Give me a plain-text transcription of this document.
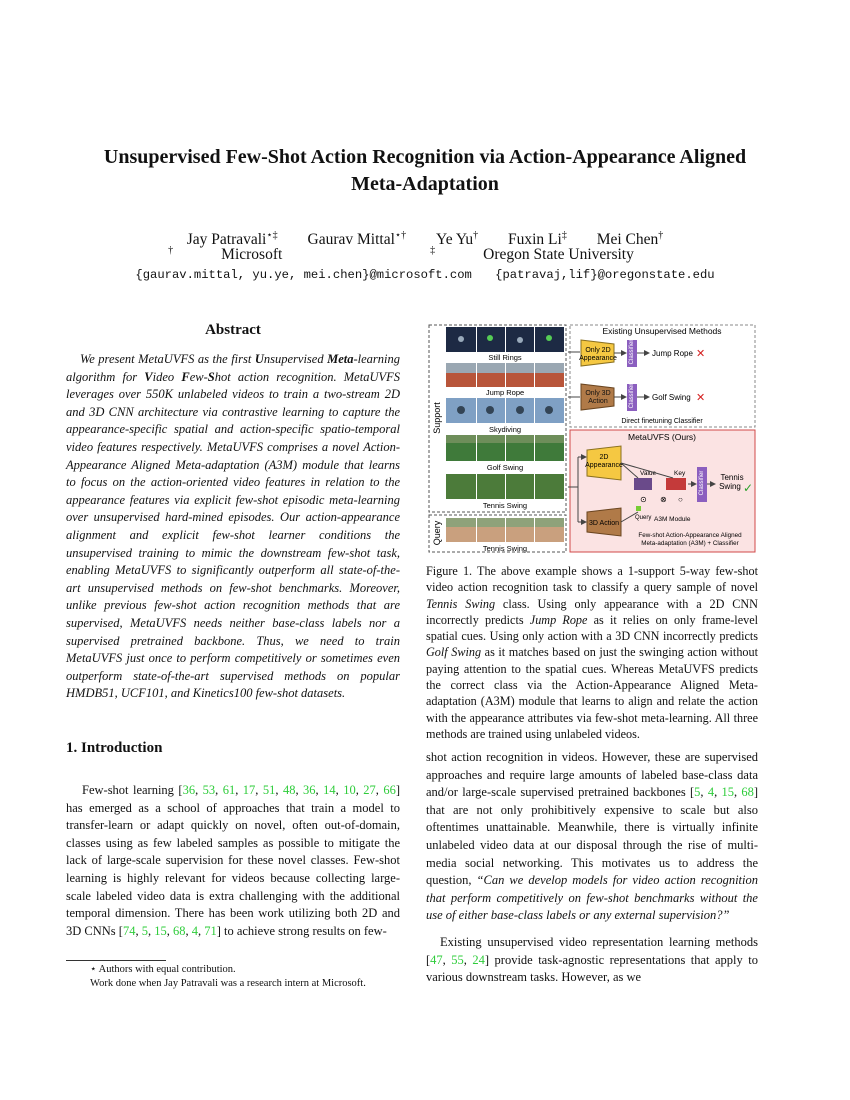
Unsupervised Few-Shot Action Recognition via Action-Appearance Aligned
Meta-Adaptation
Jay Patravali⋆‡ Gaurav Mittal⋆† Ye Yu† Fuxin Li‡ Mei Chen†
†	Microsoft	‡	Oregon State University
{gaurav.mittal, yu.ye, mei.chen}@microsoft.com {patravaj,lif}@oregonstate.edu
Abstract

We present MetaUVFS as the first Unsupervised Meta-learning algorithm for Video Few-Shot action recognition. MetaUVFS leverages over 550K unlabeled videos to train a two-stream 2D and 3D CNN architecture via contrastive learning to capture the appearance-specific spatial and action-specific spatio-temporal video features respectively. MetaUVFS comprises a novel Action-Appearance Aligned Meta-adaptation (A3M) module that learns to focus on the action-oriented video features in relation to the appearance features via explicit few-shot episodic meta-learning over unsupervised hard-mined episodes. Our action-appearance alignment and explicit few-shot learner conditions the unsupervised training to mimic the downstream few-shot task, enabling MetaUVFS to significantly outperform all state-of-the-art unsupervised methods on few-shot benchmarks. Moreover, unlike previous few-shot action recognition methods that are supervised, MetaUVFS needs neither base-class labels nor a supervised pretrained backbone. Thus, we need to train MetaUVFS just once to perform competitively or sometimes even outperform state-of-the-art supervised methods on popular HMDB51, UCF101, and Kinetics100 few-shot datasets.

1. Introduction

Few-shot learning [36, 53, 61, 17, 51, 48, 36, 14, 10, 27, 66] has emerged as a school of approaches that train a model to transfer-learn or adapt quickly on novel, often out-of-domain, classes using as few labeled samples as possible to mitigate the lack of large-scale supervision for these novel classes. Few-shot learning is highly relevant for videos because collecting large-scale labeled video data is extra challenging with the additional temporal dimension. There has been work utilizing both 2D and 3D CNNs [74, 5, 15, 68, 4, 71] to achieve strong results on few-

⋆ Authors with equal contribution.
Work done when Jay Patravali was a research intern at Microsoft.
Support
Query
Still Rings
Jump Rope
Skydiving
Golf Swing
Tennis Swing
Tennis Swing
Existing Unsupervised Methods
Only 2D Appearance
Only 3D Action
Classifier
Classifier
Jump Rope ✕
Golf Swing ✕
Direct finetuning Classifier
MetaUVFS (Ours)
2D Appearance
3D Action
Value	Key
⊙ ⊗ ○
Query A3M Module
Classifier Tennis Swing ✓
Few-shot Action-Appearance Aligned Meta-adaptation (A3M) + Classifier

Figure 1. The above example shows a 1-support 5-way few-shot video action recognition task to classify a query sample of novel Tennis Swing class. Using only appearance with a 2D CNN incorrectly predicts Jump Rope as it relies on only frame-level spatial cues. Using only action with a 3D CNN incorrectly predicts Golf Swing as it matches based on just the swinging action without paying attention to the spatial cues. Whereas MetaUVFS predicts the correct class via the Action-Appearance Aligned Meta-adaptation (A3M) module that learns to align and relate the action with the appearance attributes via few-shot meta-learning. All three methods are trained using unlabeled videos.

shot action recognition in videos. However, these are supervised approaches and require large amounts of labeled base-class data and/or large-scale supervised pretrained backbones [5, 4, 15, 68] that are not only prohibitively expensive to scale but also oftentimes unattainable. Meanwhile, there is virtually infinite unlabeled video data at our disposal through the rise of multi-media social networking. This motivates us to address the question, “Can we develop models for video action recognition that perform competitively on few-shot benchmarks without the use of either base-class labels or any external supervision?”

Existing unsupervised video representation learning methods [47, 55, 24] provide task-agnostic representations that apply to various downstream tasks. However, as we
